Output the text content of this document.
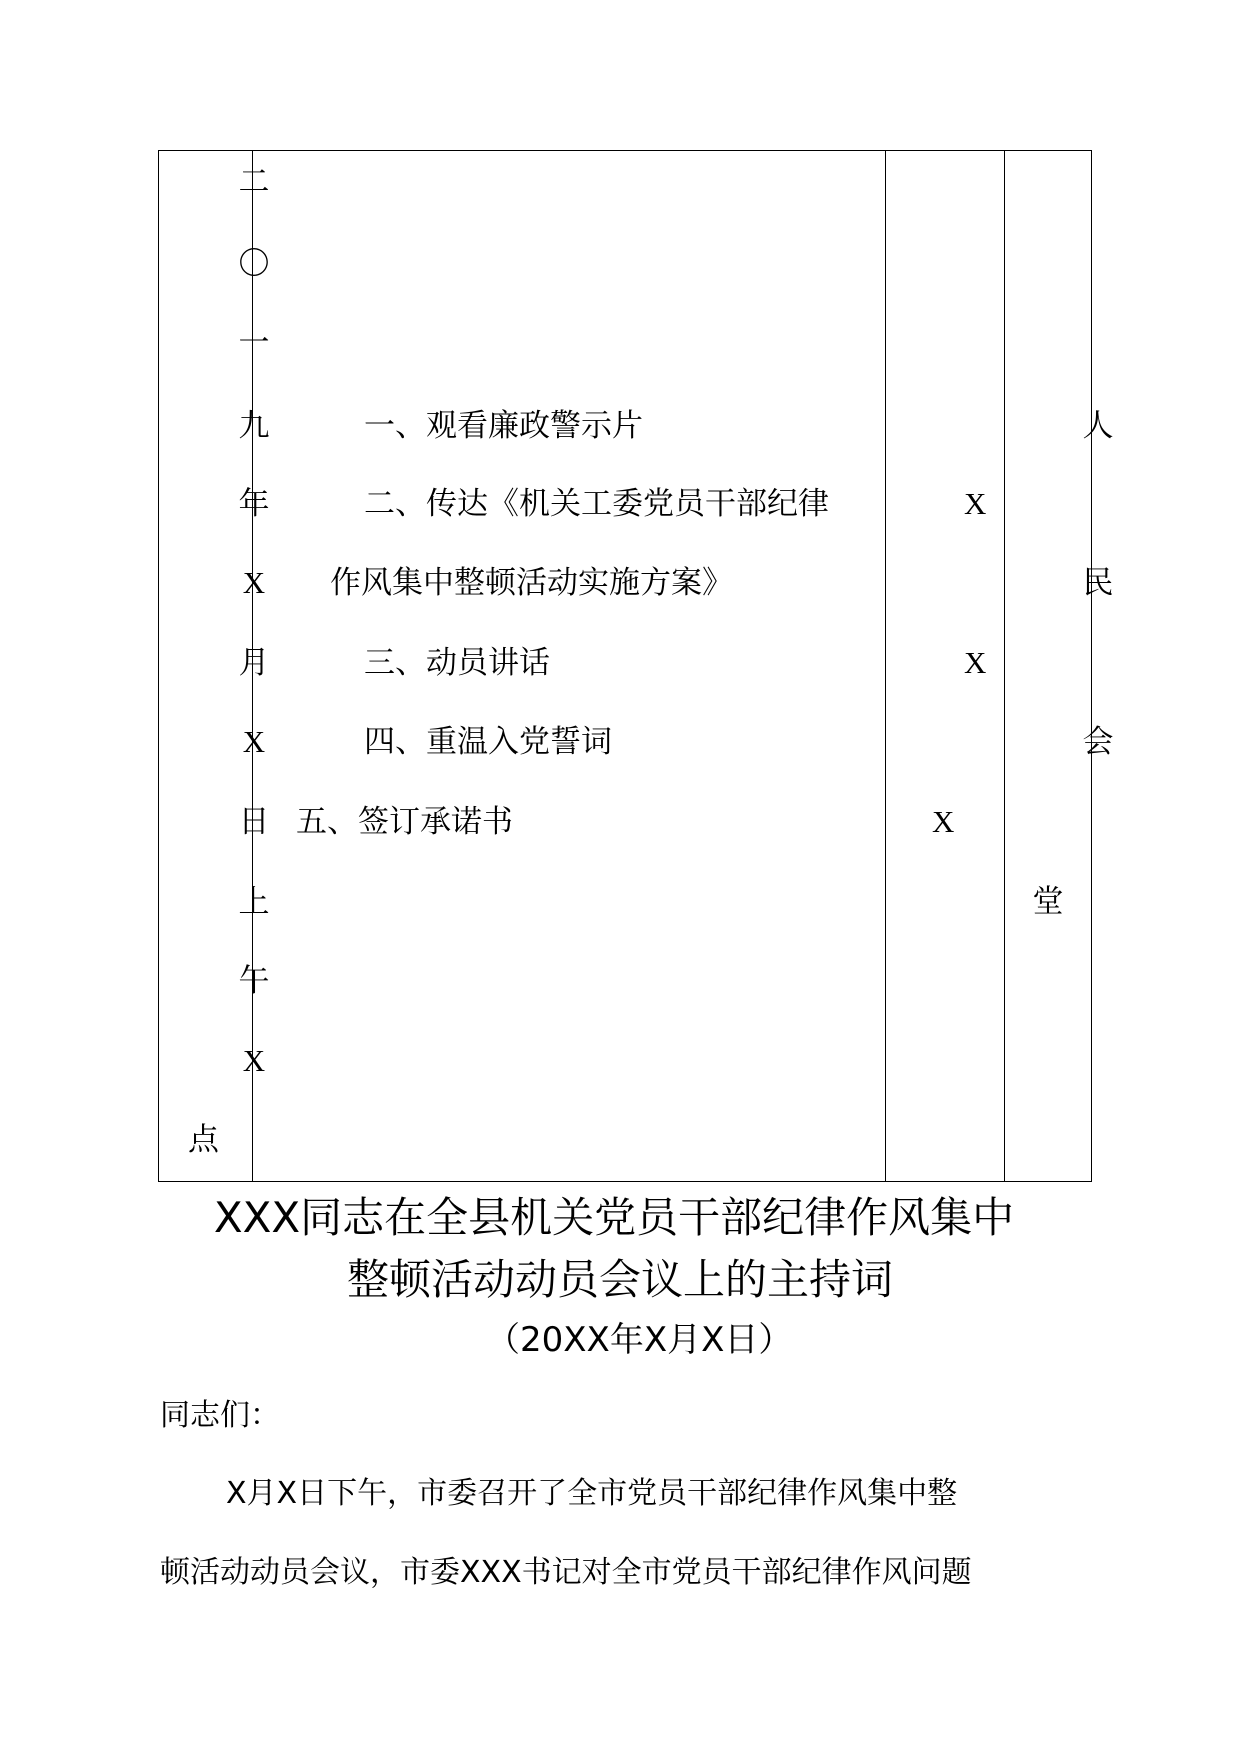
二
〇
一
九
年
X
月
X
日
上
午
X
点
一、观看廉政警示片
二、传达《机关工委党员干部纪律
作风集中整顿活动实施方案》
三、动员讲话
四、重温入党誓词
五、签订承诺书
X
X
X
人
民
会
堂
XXX同志在全县机关党员干部纪律作风集中
整顿活动动员会议上的主持词
（20XX年X月X日）
同志们：
X月X日下午，市委召开了全市党员干部纪律作风集中整
顿活动动员会议，市委XXX书记对全市党员干部纪律作风问题
